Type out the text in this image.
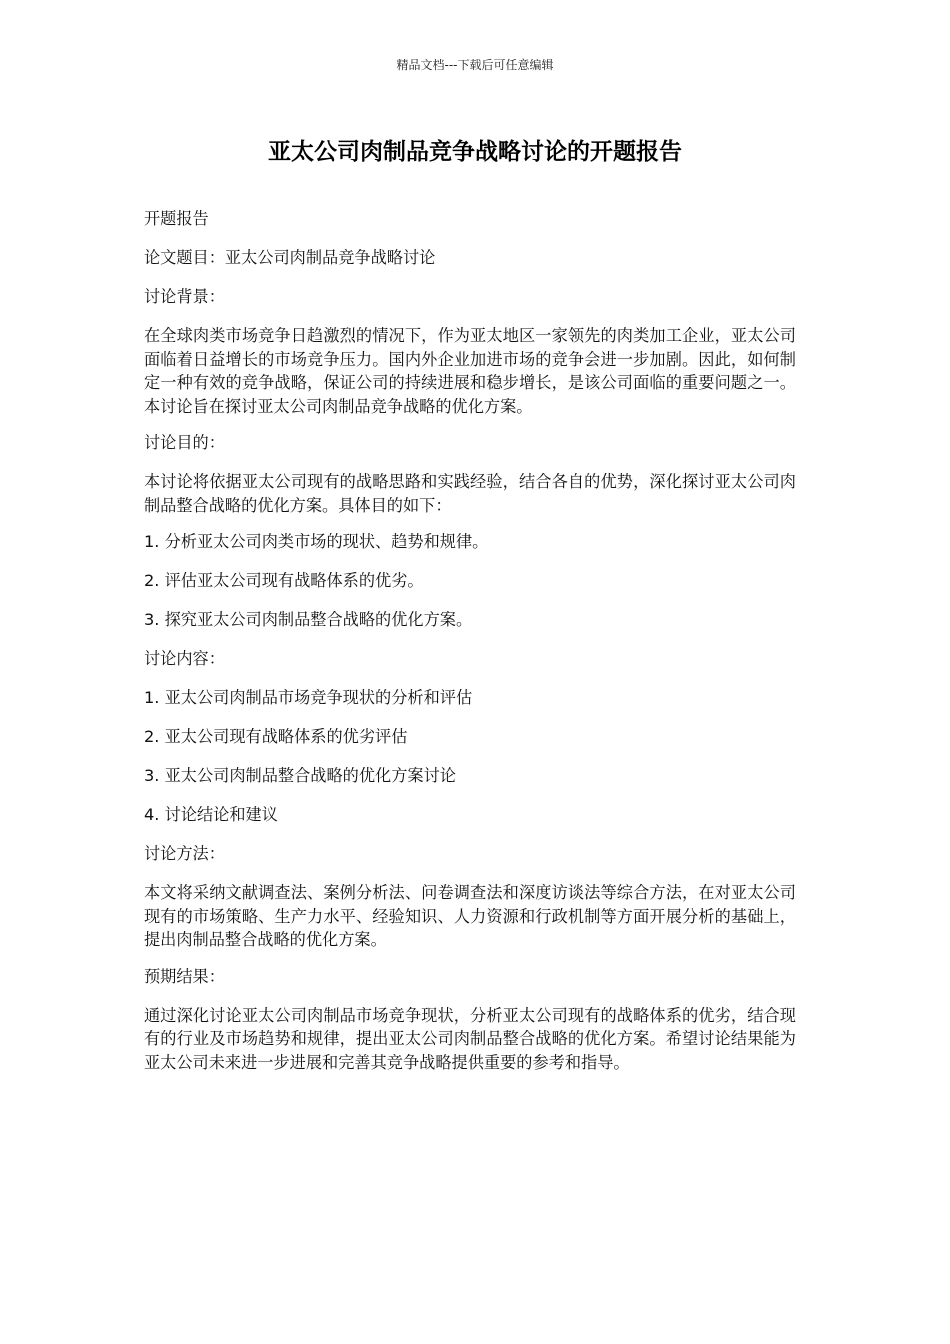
精品文档---下载后可任意编辑
亚太公司肉制品竞争战略讨论的开题报告

开题报告

论文题目：亚太公司肉制品竞争战略讨论

讨论背景：

在全球肉类市场竞争日趋激烈的情况下，作为亚太地区一家领先的肉类加工企业，亚太公司面临着日益增长的市场竞争压力。国内外企业加进市场的竞争会进一步加剧。因此，如何制定一种有效的竞争战略，保证公司的持续进展和稳步增长，是该公司面临的重要问题之一。本讨论旨在探讨亚太公司肉制品竞争战略的优化方案。

讨论目的：

本讨论将依据亚太公司现有的战略思路和实践经验，结合各自的优势，深化探讨亚太公司肉制品整合战略的优化方案。具体目的如下：

1. 分析亚太公司肉类市场的现状、趋势和规律。

2. 评估亚太公司现有战略体系的优劣。

3. 探究亚太公司肉制品整合战略的优化方案。

讨论内容：

1. 亚太公司肉制品市场竞争现状的分析和评估

2. 亚太公司现有战略体系的优劣评估

3. 亚太公司肉制品整合战略的优化方案讨论

4. 讨论结论和建议

讨论方法：

本文将采纳文献调查法、案例分析法、问卷调查法和深度访谈法等综合方法，在对亚太公司现有的市场策略、生产力水平、经验知识、人力资源和行政机制等方面开展分析的基础上，提出肉制品整合战略的优化方案。

预期结果：

通过深化讨论亚太公司肉制品市场竞争现状，分析亚太公司现有的战略体系的优劣，结合现有的行业及市场趋势和规律，提出亚太公司肉制品整合战略的优化方案。希望讨论结果能为亚太公司未来进一步进展和完善其竞争战略提供重要的参考和指导。
